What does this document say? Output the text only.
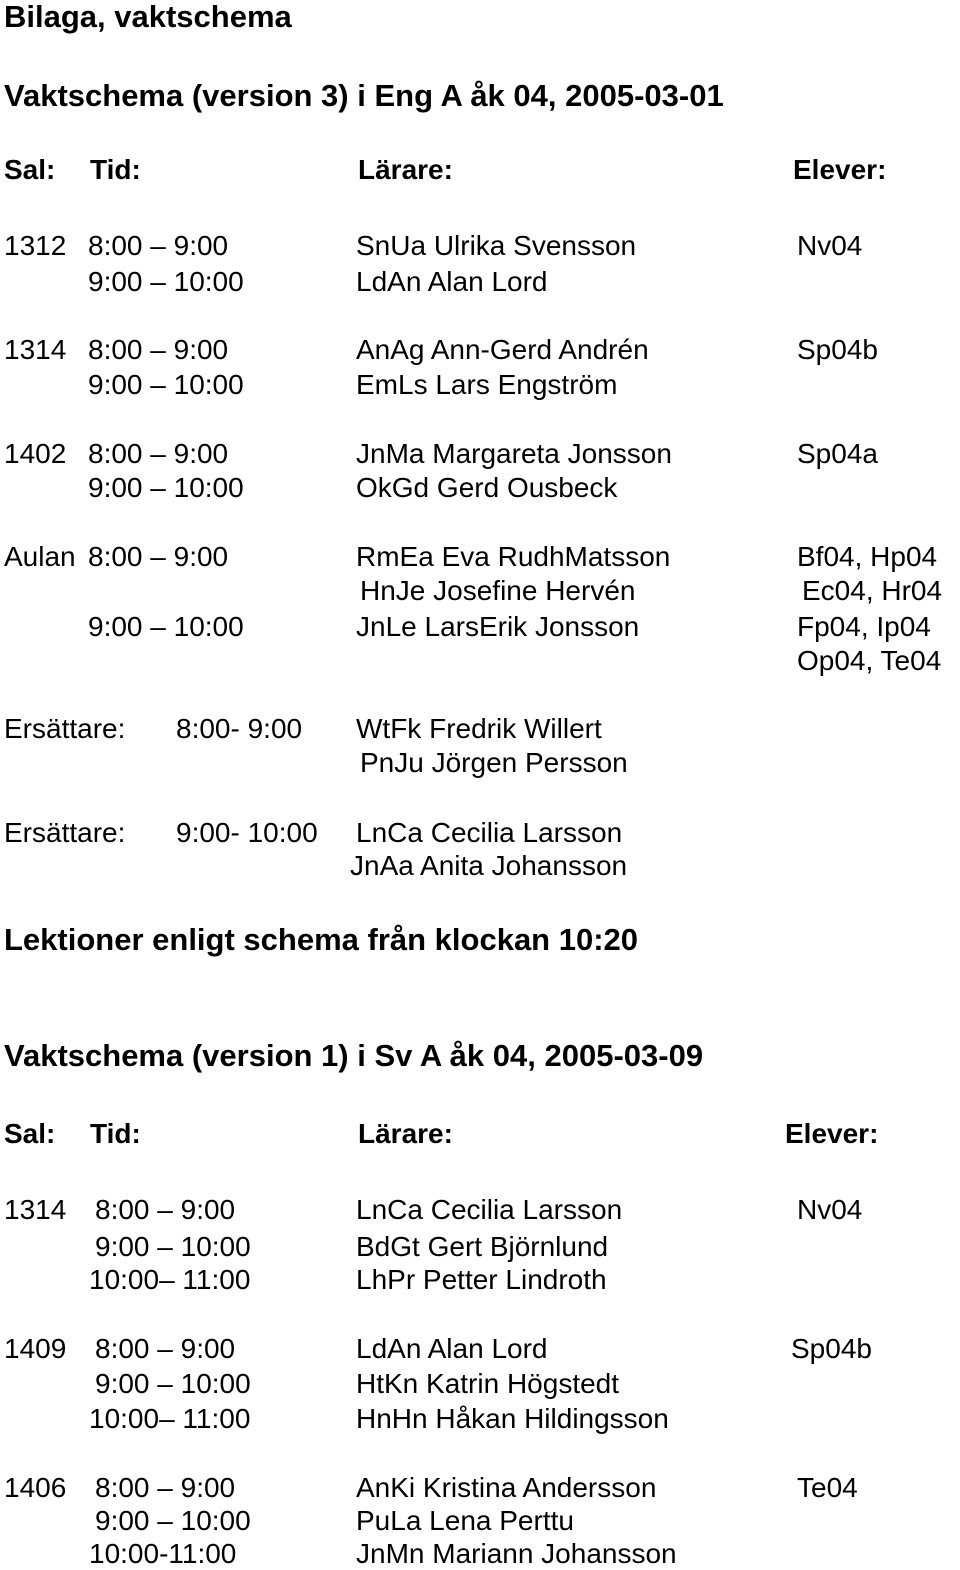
Bilaga, vaktschema
Vaktschema (version 3) i Eng A åk 04, 2005-03-01
Sal: Tid:	Lärare:	Elever:
1312 8:00 – 9:00	SnUa Ulrika Svensson	Nv04
9:00 – 10:00	LdAn Alan Lord
1314 8:00 – 9:00	AnAg Ann-Gerd Andrén	Sp04b
9:00 – 10:00	EmLs Lars Engström
1402 8:00 – 9:00	JnMa Margareta Jonsson	Sp04a
9:00 – 10:00	OkGd Gerd Ousbeck
Aulan 8:00 – 9:00	RmEa Eva RudhMatsson	Bf04, Hp04
HnJe Josefine Hervén	Ec04, Hr04
9:00 – 10:00	JnLe LarsErik Jonsson	Fp04, Ip04
Op04, Te04
Ersättare: 8:00- 9:00 WtFk Fredrik Willert
PnJu Jörgen Persson
Ersättare: 9:00- 10:00 LnCa Cecilia Larsson
JnAa Anita Johansson
Lektioner enligt schema från klockan 10:20
Vaktschema (version 1) i Sv A åk 04, 2005-03-09
Sal: Tid:	Lärare:	Elever:
1314 8:00 – 9:00	LnCa Cecilia Larsson	Nv04
9:00 – 10:00	BdGt Gert Björnlund
10:00– 11:00	LhPr Petter Lindroth
1409 8:00 – 9:00	LdAn Alan Lord	Sp04b
9:00 – 10:00	HtKn Katrin Högstedt
10:00– 11:00	HnHn Håkan Hildingsson
1406 8:00 – 9:00	AnKi Kristina Andersson	Te04
9:00 – 10:00	PuLa Lena Perttu
10:00-11:00	JnMn Mariann Johansson
